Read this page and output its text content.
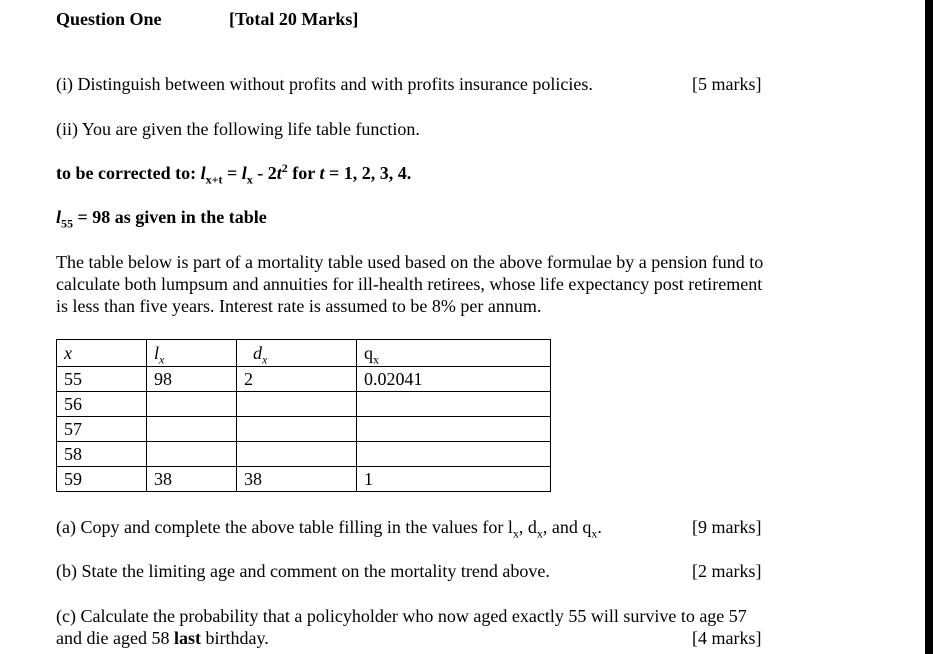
Question One	[Total 20 Marks]
(i) Distinguish between without profits and with profits insurance policies.	[5 marks]
(ii) You are given the following life table function.
to be corrected to: $l_{x+t} = l_x - 2t^2$ for t = 1, 2, 3, 4.
$l_{55} = 98$ as given in the table
The table below is part of a mortality table used based on the above formulae by a pension fund to
calculate both lumpsum and annuities for ill-health retirees, whose life expectancy post retirement
is less than five years. Interest rate is assumed to be 8% per annum.
x	$l_x$	$d_x$	$q_x$
55	98	2	0.02041
56			
57			
58			
59	38	38	1
(a) Copy and complete the above table filling in the values for $l_x$, $d_x$, and $q_x$.	[9 marks]
(b) State the limiting age and comment on the mortality trend above.	[2 marks]
(c) Calculate the probability that a policyholder who now aged exactly 55 will survive to age 57
and die aged 58 last birthday.	[4 marks]
